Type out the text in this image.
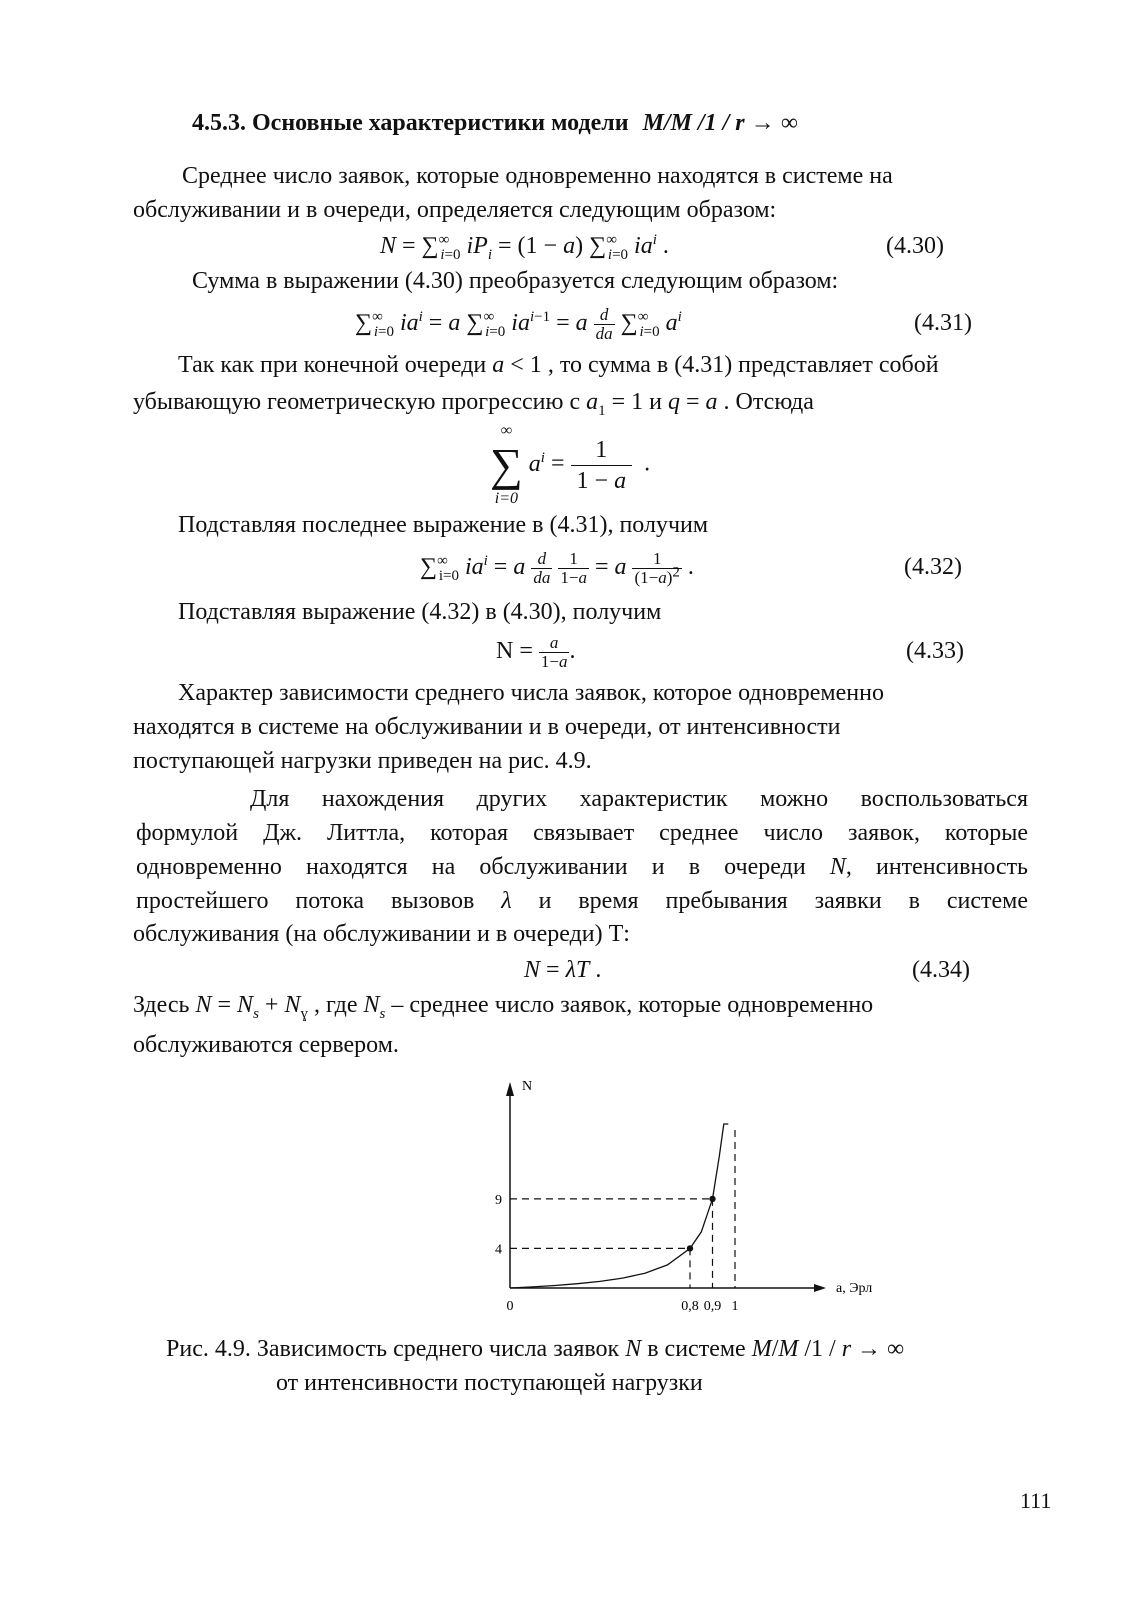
4.5.3. Основные характеристики модели M/M /1 / r → ∞
Среднее число заявок, которые одновременно находятся в системе на
обслуживании и в очереди, определяется следующим образом:
$N = \sum^\infty_{i=0}$ $iP_i = (1 - a)$ $\sum^\infty_{i=0}$ $ia^i$ .	(4.30)
Сумма в выражении (4.30) преобразуется следующим образом:
$\sum^\infty_{i=0}$ $ia^i = a$ $\sum^\infty_{i=0}$ $ia^{i-1} = a \frac{d}{da} \sum^\infty_{i=0}$ $a^i$	(4.31)
Так как при конечной очереди a < 1 , то сумма в (4.31) представляет собой
убывающую геометрическую прогрессию с $a_1 = 1$ и q = a . Отсюда
∞
∑
i=0
$a^i = \frac{1}{1 - a}$ .
Подставляя последнее выражение в (4.31), получим
$\sum^\infty_{i=0}$ $ia^i = a \frac{d}{da}$
$\frac{1}{1-a} = a \frac{1}{(1-a)^2}$ .	(4.32)
Подставляя выражение (4.32) в (4.30), получим
$N = \frac{a}{1-a}$ .	(4.33)
Характер зависимости среднего числа заявок, которое одновременно
находятся в системе на обслуживании и в очереди, от интенсивности
поступающей нагрузки приведен на рис. 4.9.
Для нахождения других характеристик можно воспользоваться
формулой Дж. Литтла, которая связывает среднее число заявок, которые
одновременно находятся на обслуживании и в очереди N, интенсивность
простейшего потока вызовов λ и время пребывания заявки в системе
обслуживания (на обслуживании и в очереди) Т:
N = λT .	(4.34)
Здесь $N = N_s + N_ɣ$ , где $N_s$ – среднее число заявок, которые одновременно
обслуживаются сервером.
N
a, Эрл
0	0,8 0,9 1
4
9
Рис. 4.9. Зависимость среднего числа заявок N в системе M/M /1 / r → ∞
от интенсивности поступающей нагрузки
111
